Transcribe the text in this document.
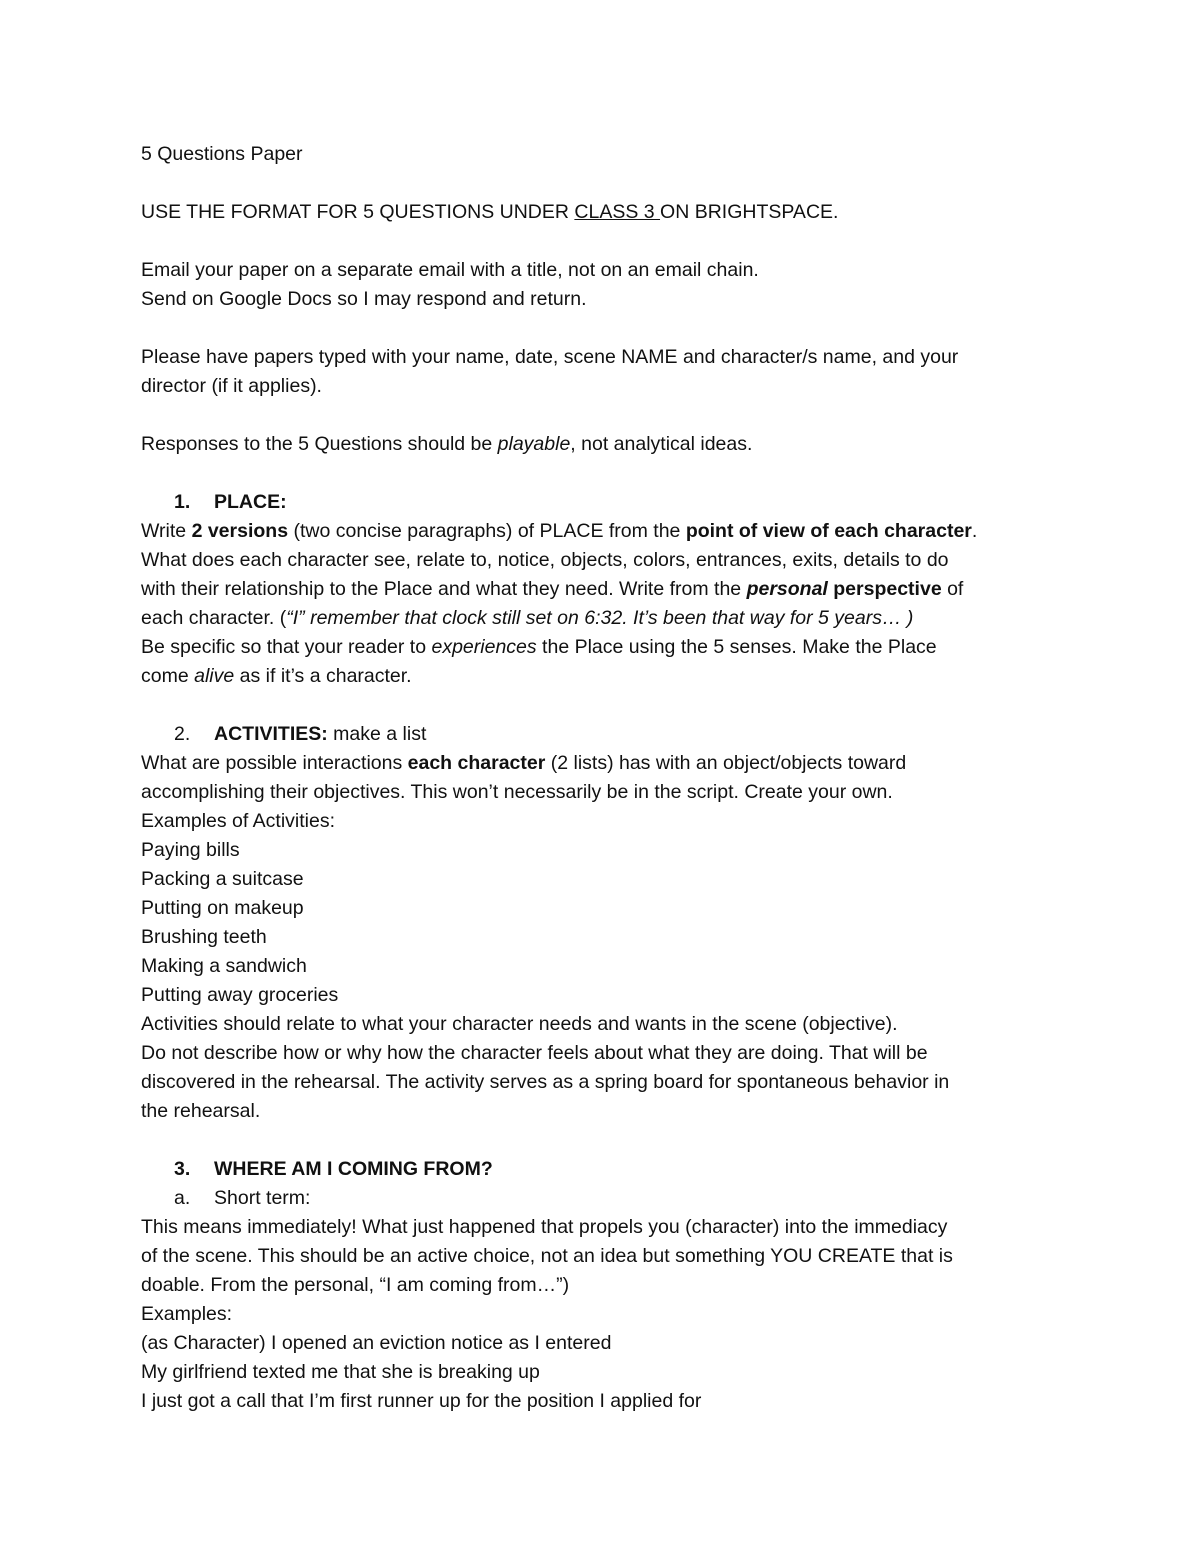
5 Questions Paper
USE THE FORMAT FOR 5 QUESTIONS UNDER CLASS 3 ON BRIGHTSPACE.
Email your paper on a separate email with a title, not on an email chain.
Send on Google Docs so I may respond and return.
Please have papers typed with your name, date, scene NAME and character/s name, and your
director (if it applies).
Responses to the 5 Questions should be playable, not analytical ideas.
1. PLACE:
Write 2 versions (two concise paragraphs) of PLACE from the point of view of each character.
What does each character see, relate to, notice, objects, colors, entrances, exits, details to do
with their relationship to the Place and what they need. Write from the personal perspective of
each character. (“I” remember that clock still set on 6:32. It’s been that way for 5 years… )
Be specific so that your reader to experiences the Place using the 5 senses. Make the Place
come alive as if it’s a character.
2. ACTIVITIES: make a list
What are possible interactions each character (2 lists) has with an object/objects toward
accomplishing their objectives. This won’t necessarily be in the script. Create your own.
Examples of Activities:
Paying bills
Packing a suitcase
Putting on makeup
Brushing teeth
Making a sandwich
Putting away groceries
Activities should relate to what your character needs and wants in the scene (objective).
Do not describe how or why how the character feels about what they are doing. That will be
discovered in the rehearsal. The activity serves as a spring board for spontaneous behavior in
the rehearsal.
3. WHERE AM I COMING FROM?
a. Short term:
This means immediately! What just happened that propels you (character) into the immediacy
of the scene. This should be an active choice, not an idea but something YOU CREATE that is
doable. From the personal, “I am coming from…”)
Examples:
(as Character) I opened an eviction notice as I entered
My girlfriend texted me that she is breaking up
I just got a call that I’m first runner up for the position I applied for
